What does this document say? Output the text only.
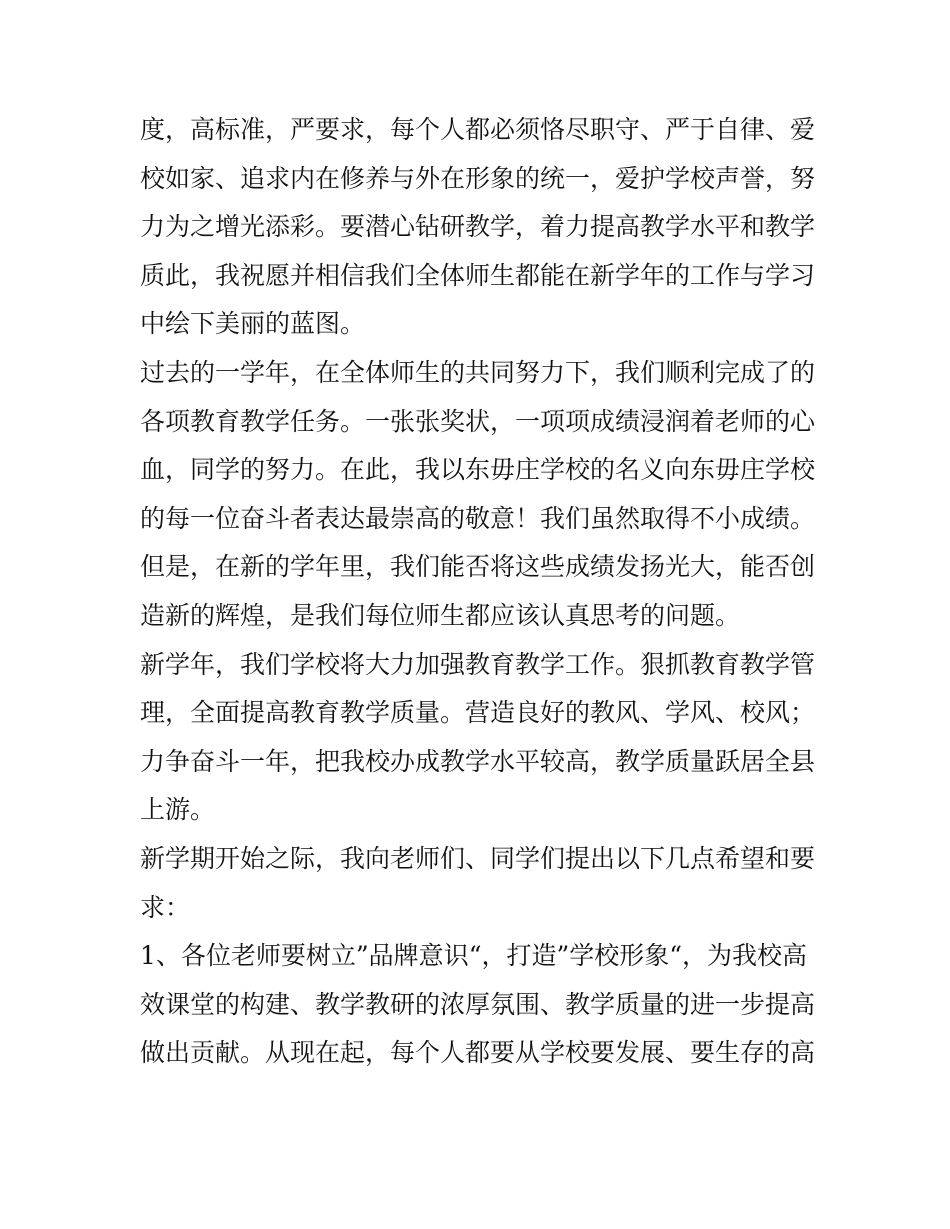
度，高标准，严要求，每个人都必须恪尽职守、严于自律、爱
校如家、追求内在修养与外在形象的统一，爱护学校声誉，努
力为之增光添彩。要潜心钻研教学，着力提高教学水平和教学
质此，我祝愿并相信我们全体师生都能在新学年的工作与学习
中绘下美丽的蓝图。
过去的一学年，在全体师生的共同努力下，我们顺利完成了的
各项教育教学任务。一张张奖状，一项项成绩浸润着老师的心
血，同学的努力。在此，我以东毋庄学校的名义向东毋庄学校
的每一位奋斗者表达最崇高的敬意！我们虽然取得不小成绩。
但是，在新的学年里，我们能否将这些成绩发扬光大，能否创
造新的辉煌，是我们每位师生都应该认真思考的问题。
新学年，我们学校将大力加强教育教学工作。狠抓教育教学管
理，全面提高教育教学质量。营造良好的教风、学风、校风；
力争奋斗一年，把我校办成教学水平较高，教学质量跃居全县
上游。
新学期开始之际，我向老师们、同学们提出以下几点希望和要
求：
1、各位老师要树立”品牌意识“，打造”学校形象“，为我校高
效课堂的构建、教学教研的浓厚氛围、教学质量的进一步提高
做出贡献。从现在起，每个人都要从学校要发展、要生存的高
